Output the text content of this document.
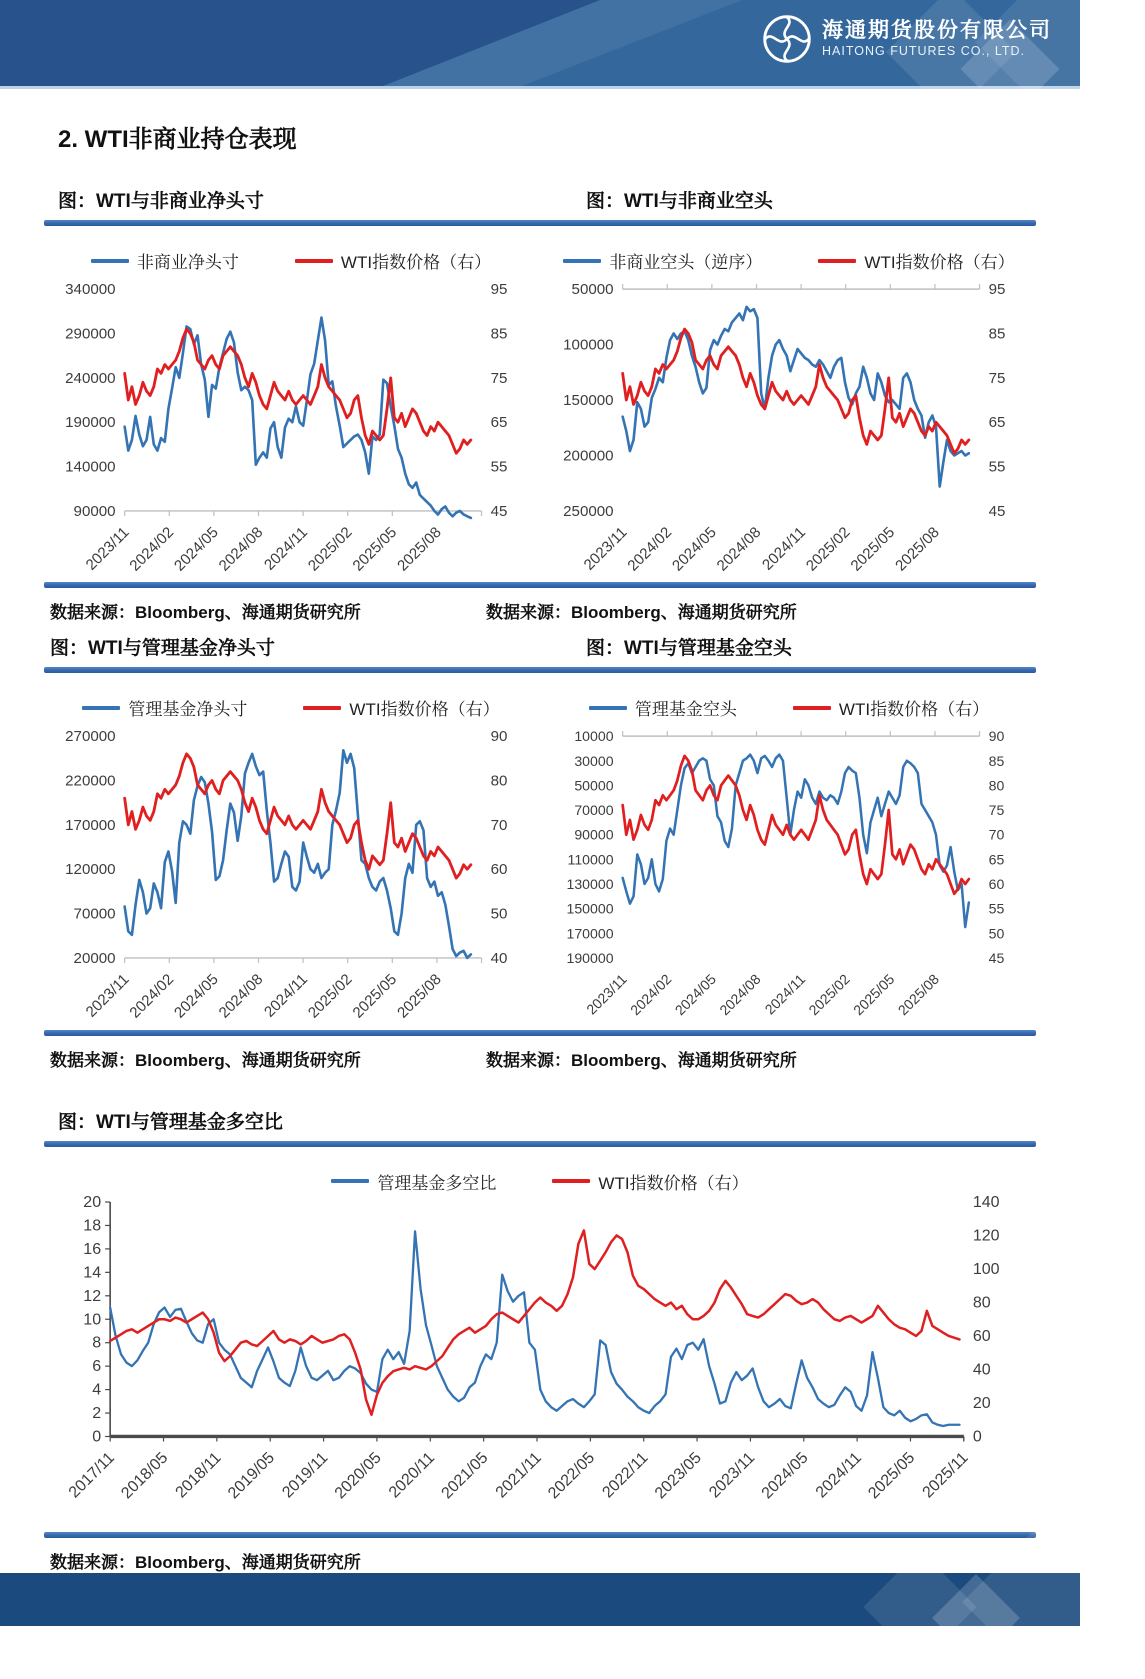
海通期货股份有限公司
HAITONG FUTURES CO., LTD.
2. WTI非商业持仓表现
图：WTI与非商业净头寸	图：WTI与非商业空头
非商业净头寸	WTI指数价格（右）
340000
290000
240000
190000
140000
90000
95
85
75
65
55
45
2023/11
2024/02
2024/05
2024/08
2024/11
2025/02
2025/05
2025/08
非商业空头（逆序）	WTI指数价格（右）
50000
100000
150000
200000
250000
95
85
75
65
55
45
2023/11
2024/02
2024/05
2024/08
2024/11
2025/02
2025/05
2025/08
数据来源：Bloomberg、海通期货研究所	数据来源：Bloomberg、海通期货研究所
图：WTI与管理基金净头寸	图：WTI与管理基金空头
管理基金净头寸	WTI指数价格（右）
270000
220000
170000
120000
70000
20000
90
80
70
60
50
40
2023/11
2024/02
2024/05
2024/08
2024/11
2025/02
2025/05
2025/08
管理基金空头	WTI指数价格（右）
10000
30000
50000
70000
90000
110000
130000
150000
170000
190000
90
85
80
75
70
65
60
55
50
45
2023/11
2024/02
2024/05
2024/08
2024/11
2025/02
2025/05
2025/08
数据来源：Bloomberg、海通期货研究所	数据来源：Bloomberg、海通期货研究所
图：WTI与管理基金多空比
管理基金多空比	WTI指数价格（右）
20
18
16
14
12
10
8
6
4
2
0
140
120
100
80
60
40
20
0
2017/11 2018/05 2018/11 2019/05 2019/11 2020/05 2020/11 2021/05 2021/11 2022/05 2022/11 2023/05 2023/11 2024/05 2024/11 2025/05 2025/11
数据来源：Bloomberg、海通期货研究所
